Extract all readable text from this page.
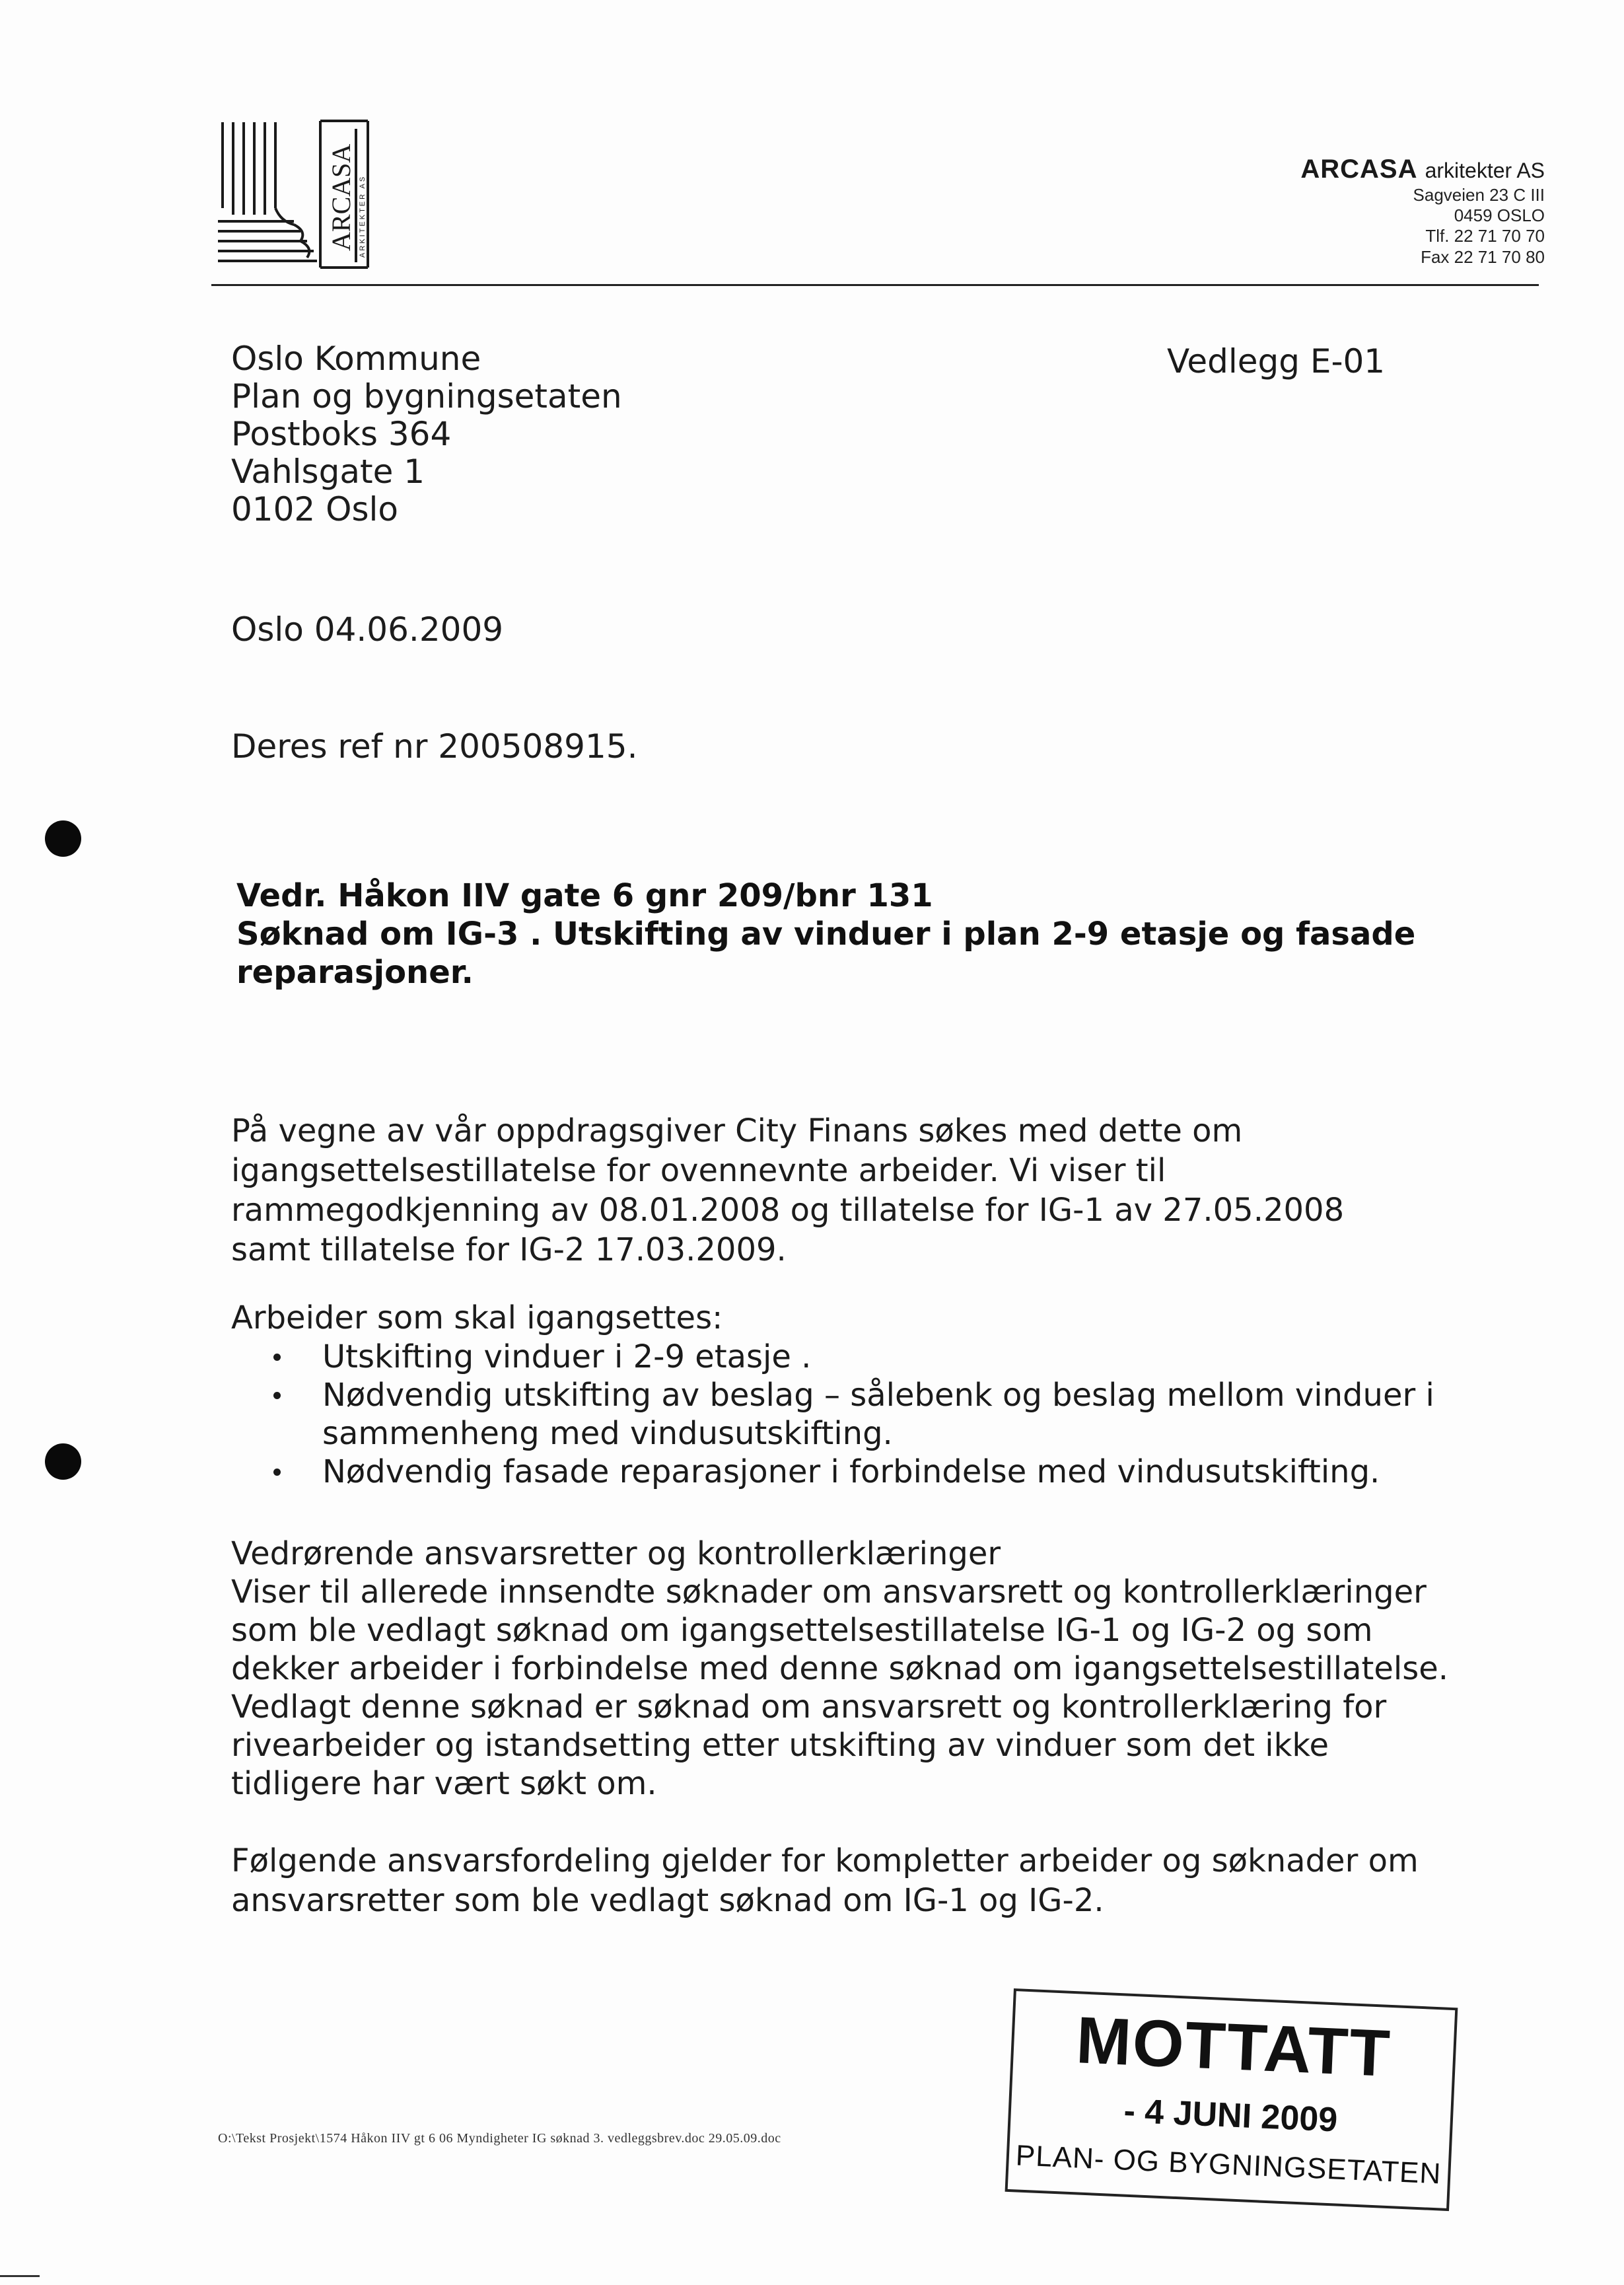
ARCASA ARKITEKTER AS
ARCASA arkitekter AS
Sagveien 23 C III
0459 OSLO
Tlf. 22 71 70 70
Fax 22 71 70 80
Oslo Kommune
Plan og bygningsetaten
Postboks 364
Vahlsgate 1
0102 Oslo
Vedlegg E-01
Oslo 04.06.2009
Deres ref nr 200508915.
Vedr. Håkon IIV gate 6 gnr 209/bnr 131
Søknad om IG-3 . Utskifting av vinduer i plan 2-9 etasje og fasade
reparasjoner.
På vegne av vår oppdragsgiver City Finans søkes med dette om
igangsettelsestillatelse for ovennevnte arbeider. Vi viser til
rammegodkjenning av 08.01.2008 og tillatelse for IG-1 av 27.05.2008
samt tillatelse for IG-2 17.03.2009.
Arbeider som skal igangsettes:
Utskifting vinduer i 2-9 etasje .
Nødvendig utskifting av beslag – sålebenk og beslag mellom vinduer i
sammenheng med vindusutskifting.
Nødvendig fasade reparasjoner i forbindelse med vindusutskifting.
Vedrørende ansvarsretter og kontrollerklæringer
Viser til allerede innsendte søknader om ansvarsrett og kontrollerklæringer
som ble vedlagt søknad om igangsettelsestillatelse IG-1 og IG-2 og som
dekker arbeider i forbindelse med denne søknad om igangsettelsestillatelse.
Vedlagt denne søknad er søknad om ansvarsrett og kontrollerklæring for
rivearbeider og istandsetting etter utskifting av vinduer som det ikke
tidligere har vært søkt om.
Følgende ansvarsfordeling gjelder for kompletter arbeider og søknader om
ansvarsretter som ble vedlagt søknad om IG-1 og IG-2.
MOTTATT
- 4 JUNI 2009
PLAN- OG BYGNINGSETATEN
O:\Tekst Prosjekt\1574 Håkon IIV gt 6 06 Myndigheter IG søknad 3. vedleggsbrev.doc 29.05.09.doc
